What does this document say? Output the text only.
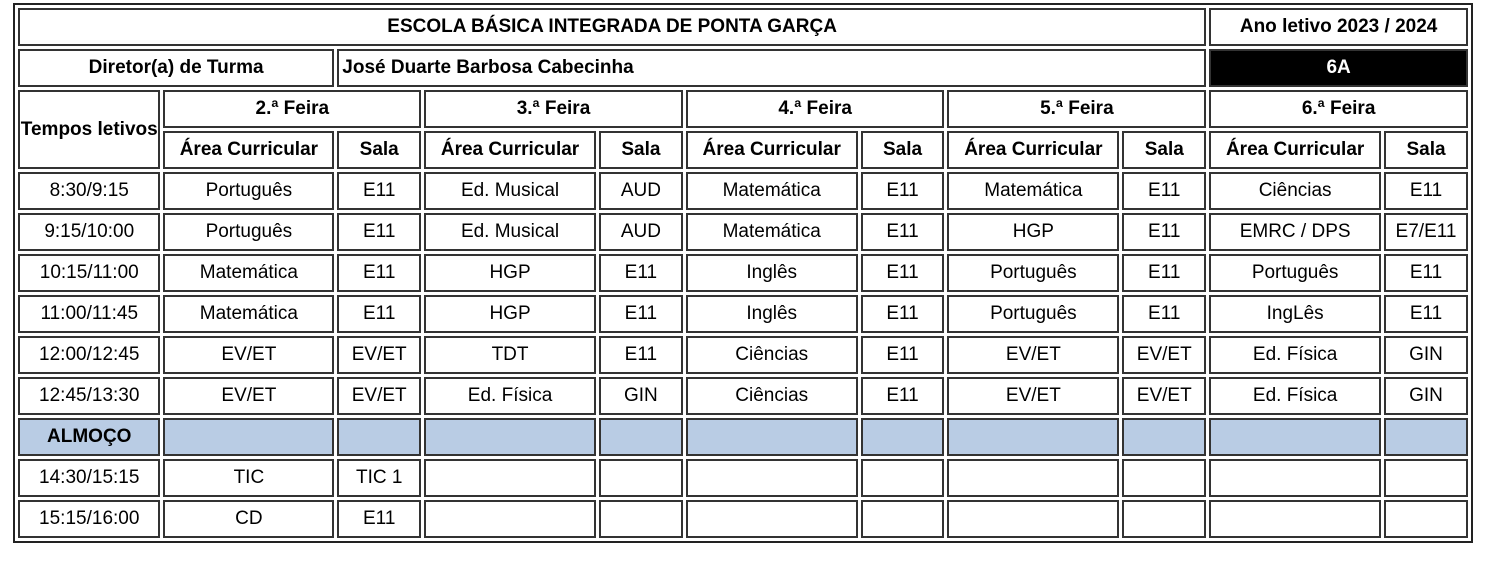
ESCOLA BÁSICA INTEGRADA DE PONTA GARÇA									Ano letivo 2023 / 2024	
Diretor(a) de Turma		José Duarte Barbosa Cabecinha							6A	
Tempos letivos	2.ª Feira		3.ª Feira		4.ª Feira		5.ª Feira		6.ª Feira	
	Área Curricular	Sala	Área Curricular	Sala	Área Curricular	Sala	Área Curricular	Sala	Área Curricular	Sala
8:30/9:15	Português	E11	Ed. Musical	AUD	Matemática	E11	Matemática	E11	Ciências	E11
9:15/10:00	Português	E11	Ed. Musical	AUD	Matemática	E11	HGP	E11	EMRC / DPS	E7/E11
10:15/11:00	Matemática	E11	HGP	E11	Inglês	E11	Português	E11	Português	E11
11:00/11:45	Matemática	E11	HGP	E11	Inglês	E11	Português	E11	IngLês	E11
12:00/12:45	EV/ET	EV/ET	TDT	E11	Ciências	E11	EV/ET	EV/ET	Ed. Física	GIN
12:45/13:30	EV/ET	EV/ET	Ed. Física	GIN	Ciências	E11	EV/ET	EV/ET	Ed. Física	GIN
ALMOÇO										
14:30/15:15	TIC	TIC 1								
15:15/16:00	CD	E11								
